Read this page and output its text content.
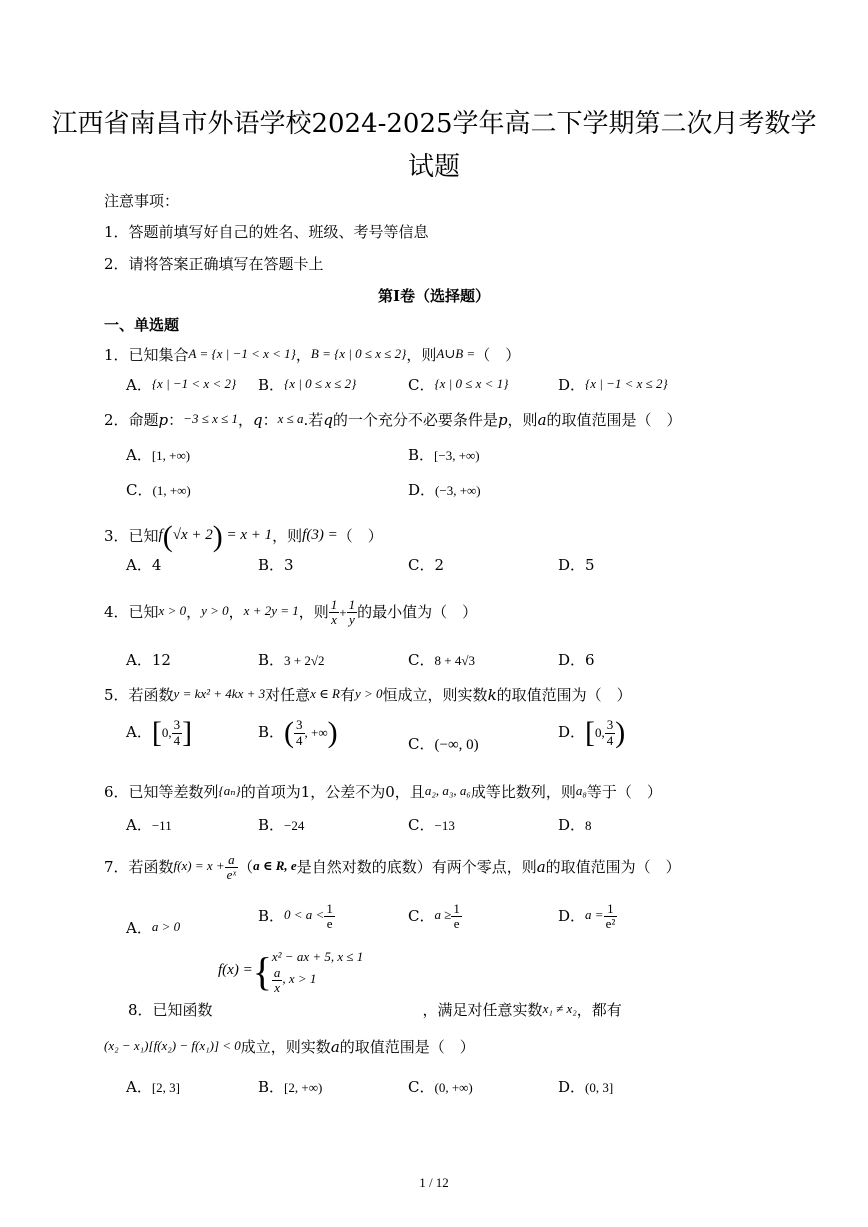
江西省南昌市外语学校2024-2025学年高二下学期第二次月考数学
试题
注意事项：
1．答题前填写好自己的姓名、班级、考号等信息
2．请将答案正确填写在答题卡上
第I卷（选择题）
一、单选题
1．已知集合A = {x | −1 < x < 1}，B = {x | 0 ≤ x ≤ 2}，则A∪B =（　）
A．{x | −1 < x < 2} B．{x | 0 ≤ x ≤ 2}	C．{x | 0 ≤ x < 1}	D．{x | −1 < x ≤ 2}
2．命题p：−3 ≤ x ≤ 1，q：x ≤ a.若q的一个充分不必要条件是p，则a的取值范围是（　）
A．[1, +∞)	B．[−3, +∞)
C．(1, +∞)	D．(−3, +∞)
3．已知f(√x + 2) = x + 1，则f(3) =（　）
A．4	B．3	C．2	D．5
4．已知x > 0，y > 0，x + 2y = 1，则 $\frac{1}{x} + \frac{1}{y}$ 的最小值为（　）
A．12	B．3 + 2√2	C．8 + 4√3	D．6
5．若函数y = kx² + 4kx + 3对任意x ∈ R有y > 0恒成立，则实数k的取值范围为（　）
A．[0, $\frac{3}{4}$ ]	B．( $\frac{3}{4}$ , +∞)	C．(−∞, 0)
D．[0, $\frac{3}{4}$ )
6．已知等差数列{aₙ}的首项为1，公差不为0，且a₂, a₃, a₆成等比数列，则a₈等于（　）
A．−11	B．−24	C．−13	D．8
7．若函数$f(x) = x + \frac{a}{\text{eˣ}} (a$ ∈ R, e是自然对数的底数）有两个零点，则a的取值范围为（　）
A．a > 0
B．$0 < a < \frac{1}{e}$	C．$a \ge \frac{1}{e}$	D．$a = \frac{1}{\text{e²}}$
f(x) ={ x² − ax + 5, x ≤ 1
$\frac{a}{x}$ , x > 1
8．已知函数	，满足对任意实数x₁ ≠ x₂，都有
(x₂ − x₁)[f(x₂) − f(x₁)] < 0成立，则实数a的取值范围是（　）
A．[2, 3]	B．[2, +∞)	C．(0, +∞)	D．(0, 3]
1 / 12
